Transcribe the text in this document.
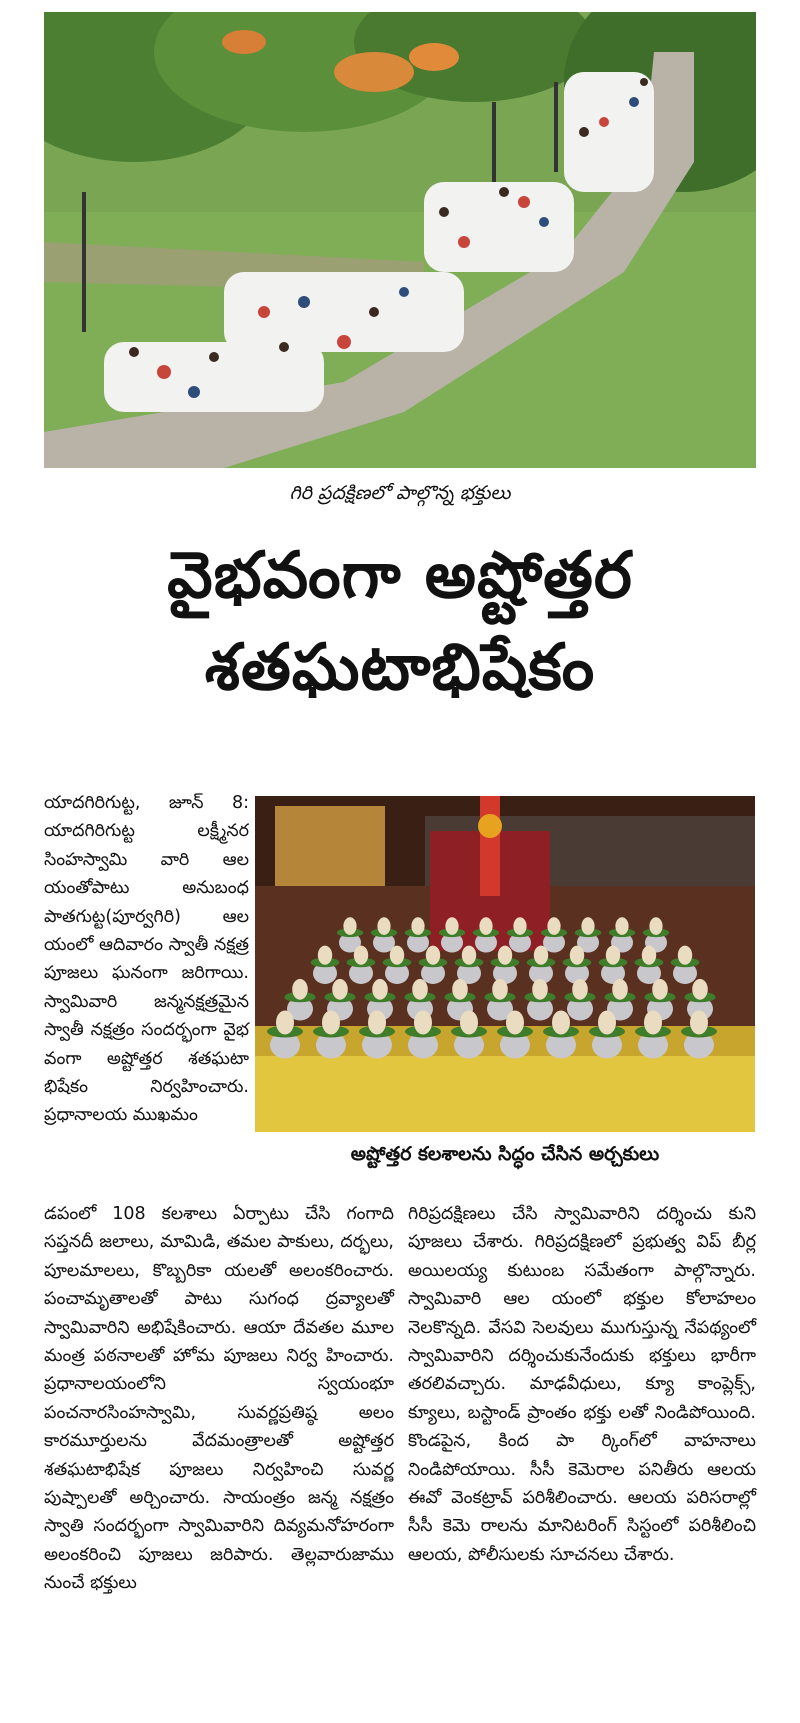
గిరి ప్రదక్షిణలో పాల్గొన్న భక్తులు
వైభవంగా అష్టోత్తర
శతఘటాభిషేకం

యాదగిరిగుట్ట, జూన్ 8: యాదగిరిగుట్ట లక్ష్మీనర సింహస్వామి వారి ఆల యంతోపాటు అనుబంధ పాతగుట్ట(పూర్వగిరి) ఆల యంలో ఆదివారం స్వాతీ నక్షత్ర పూజలు ఘనంగా జరిగాయి. స్వామివారి జన్మనక్షత్రమైన స్వాతీ నక్షత్రం సందర్భంగా వైభ వంగా అష్టోత్తర శతఘటా భిషేకం నిర్వహించారు. ప్రధానాలయ ముఖమం

అష్టోత్తర కలశాలను సిద్ధం చేసిన అర్చకులు

డపంలో 108 కలశాలు ఏర్పాటు చేసి గంగాది సప్తనదీ జలాలు, మామిడి, తమల పాకులు, దర్భలు, పూలమాలలు, కొబ్బరికా యలతో అలంకరించారు. పంచామృతాలతో పాటు సుగంధ ద్రవ్యాలతో స్వామివారిని అభిషేకించారు. ఆయా దేవతల మూల మంత్ర పఠనాలతో హోమ పూజలు నిర్వ హించారు. ప్రధానాలయంలోని స్వయంభూ పంచనారసింహస్వామి, సువర్ణప్రతిష్ఠ అలం కారమూర్తులను వేదమంత్రాలతో అష్టోత్తర శతఘటాభిషేక పూజలు నిర్వహించి సువర్ణ పుష్పాలతో అర్చించారు. సాయంత్రం జన్మ నక్షత్రం స్వాతి సందర్భంగా స్వామివారిని దివ్యమనోహరంగా అలంకరించి పూజలు జరిపారు. తెల్లవారుజాము నుంచే భక్తులు

గిరిప్రదక్షిణలు చేసి స్వామివారిని దర్శించు కుని పూజలు చేశారు. గిరిప్రదక్షిణలో ప్రభుత్వ విప్ బీర్ల అయిలయ్య కుటుంబ సమేతంగా పాల్గొన్నారు. స్వామివారి ఆల యంలో భక్తుల కోలాహలం నెలకొన్నది. వేసవి సెలవులు ముగుస్తున్న నేపథ్యంలో స్వామివారిని దర్శించుకునేందుకు భక్తులు భారీగా తరలివచ్చారు. మాఢవీధులు, క్యూ కాంప్లెక్స్, క్యూలు, బస్టాండ్ ప్రాంతం భక్తు లతో నిండిపోయింది. కొండపైన, కింద పా ర్కింగ్‌లో వాహనాలు నిండిపోయాయి. సీసీ కెమెరాల పనితీరు ఆలయ ఈవో వెంకట్రావ్ పరిశీలించారు. ఆలయ పరిసరాల్లో సీసీ కెమె రాలను మానిటరింగ్ సిస్టంలో పరిశీలించి ఆలయ, పోలీసులకు సూచనలు చేశారు.
